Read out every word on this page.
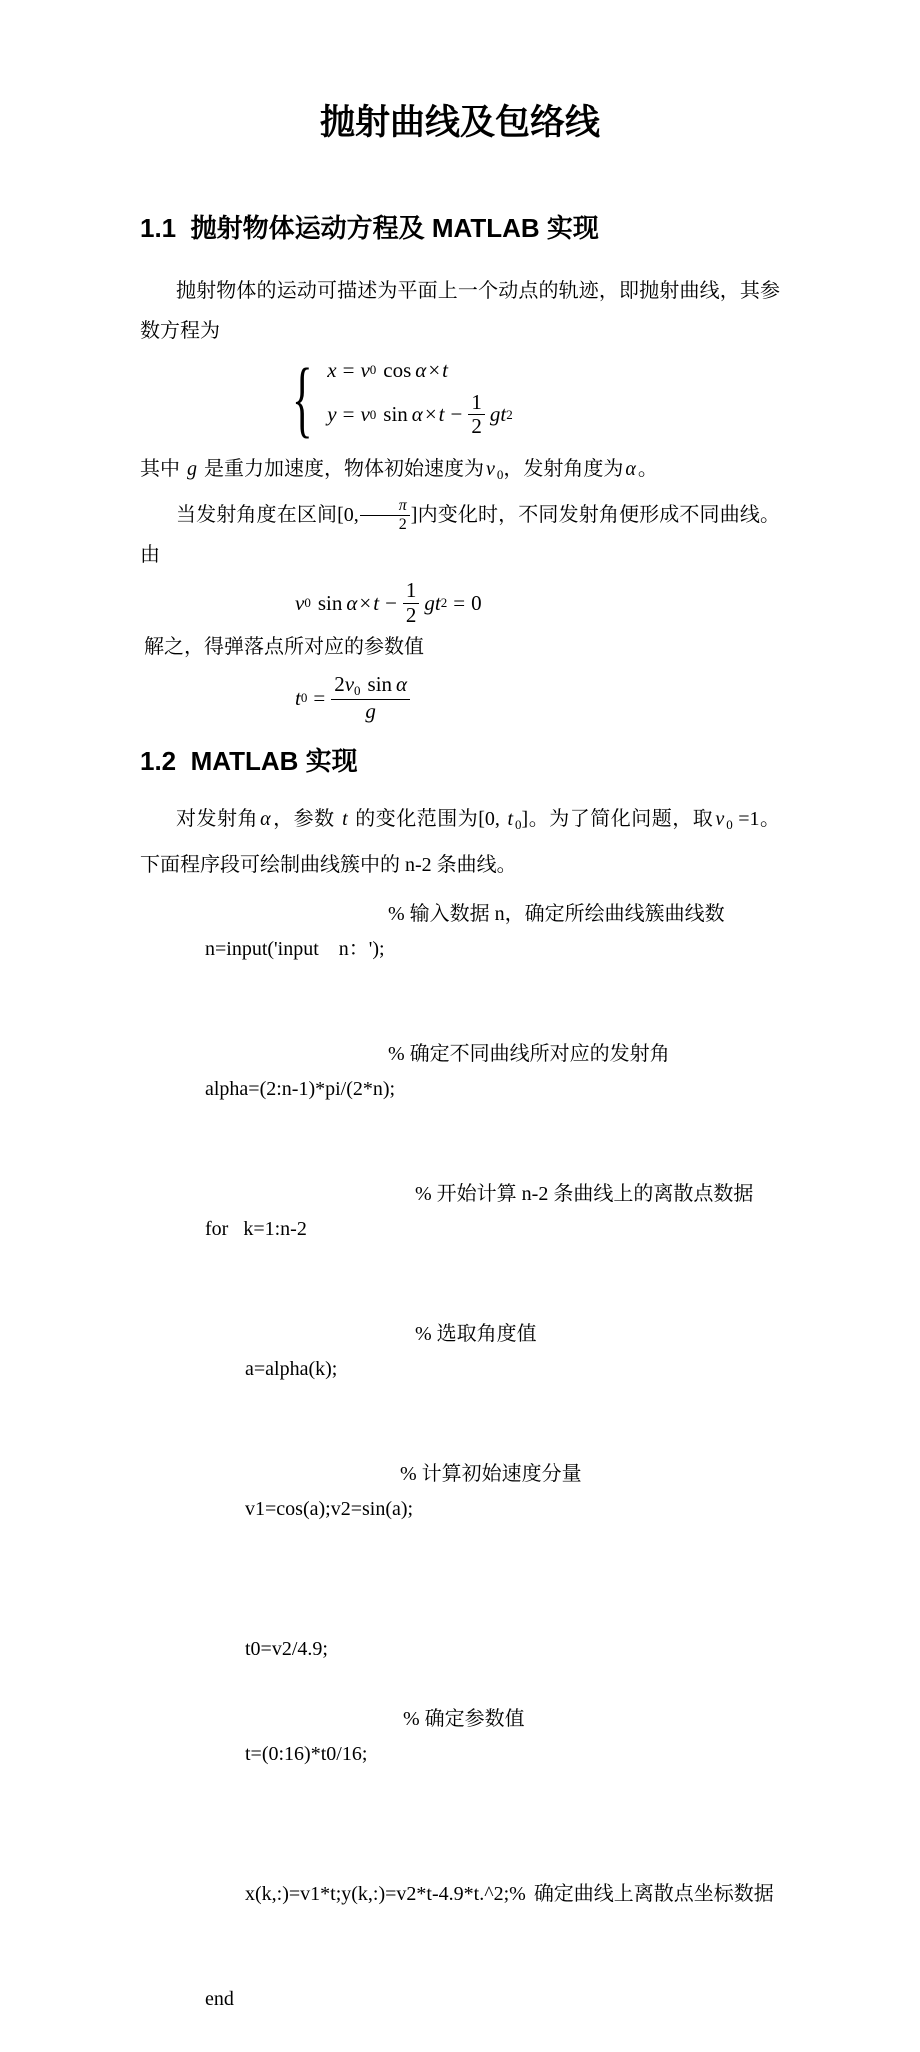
抛射曲线及包络线
1.1  抛射物体运动方程及 MATLAB 实现

抛射物体的运动可描述为平面上一个动点的轨迹，即抛射曲线，其参数方程为

{ x = v 0 cos α × t
y = v 0 $\sin \alpha \times t - \frac{1}{2}$ g t 2

其中 g 是重力加速度，物体初始速度为 v $_0$，发射角度为 α 。

当发射角度在区间[0, $\frac{\pi}{2}$ ]内变化时，不同发射角便形成不同曲线。由

v 0 $\sin \alpha \times t - \frac{1}{2}$ g t 2 = 0

解之，得弹落点所对应的参数值

t $0 = \frac{\text{2v0 sin α}}{g}$
1.2  MATLAB 实现

对发射角 α ，参数 t 的变化范围为[0, t $_0$]。为了简化问题，取 v $_0$ =1。下面程序段可绘制曲线簇中的 n-2 条曲线。

n=input('input    n：');

% 输入数据 n，确定所绘曲线簇曲线数

alpha=(2:n-1)*pi/(2*n);

% 确定不同曲线所对应的发射角

for   k=1:n-2

% 开始计算 n-2 条曲线上的离散点数据

a=alpha(k);

% 选取角度值

v1=cos(a);v2=sin(a);

% 计算初始速度分量

t0=v2/4.9;

t=(0:16)*t0/16;

% 确定参数值

x(k,:)=v1*t;y(k,:)=v2*t-4.9*t.^2;% 确定曲线上离散点坐标数据

end
